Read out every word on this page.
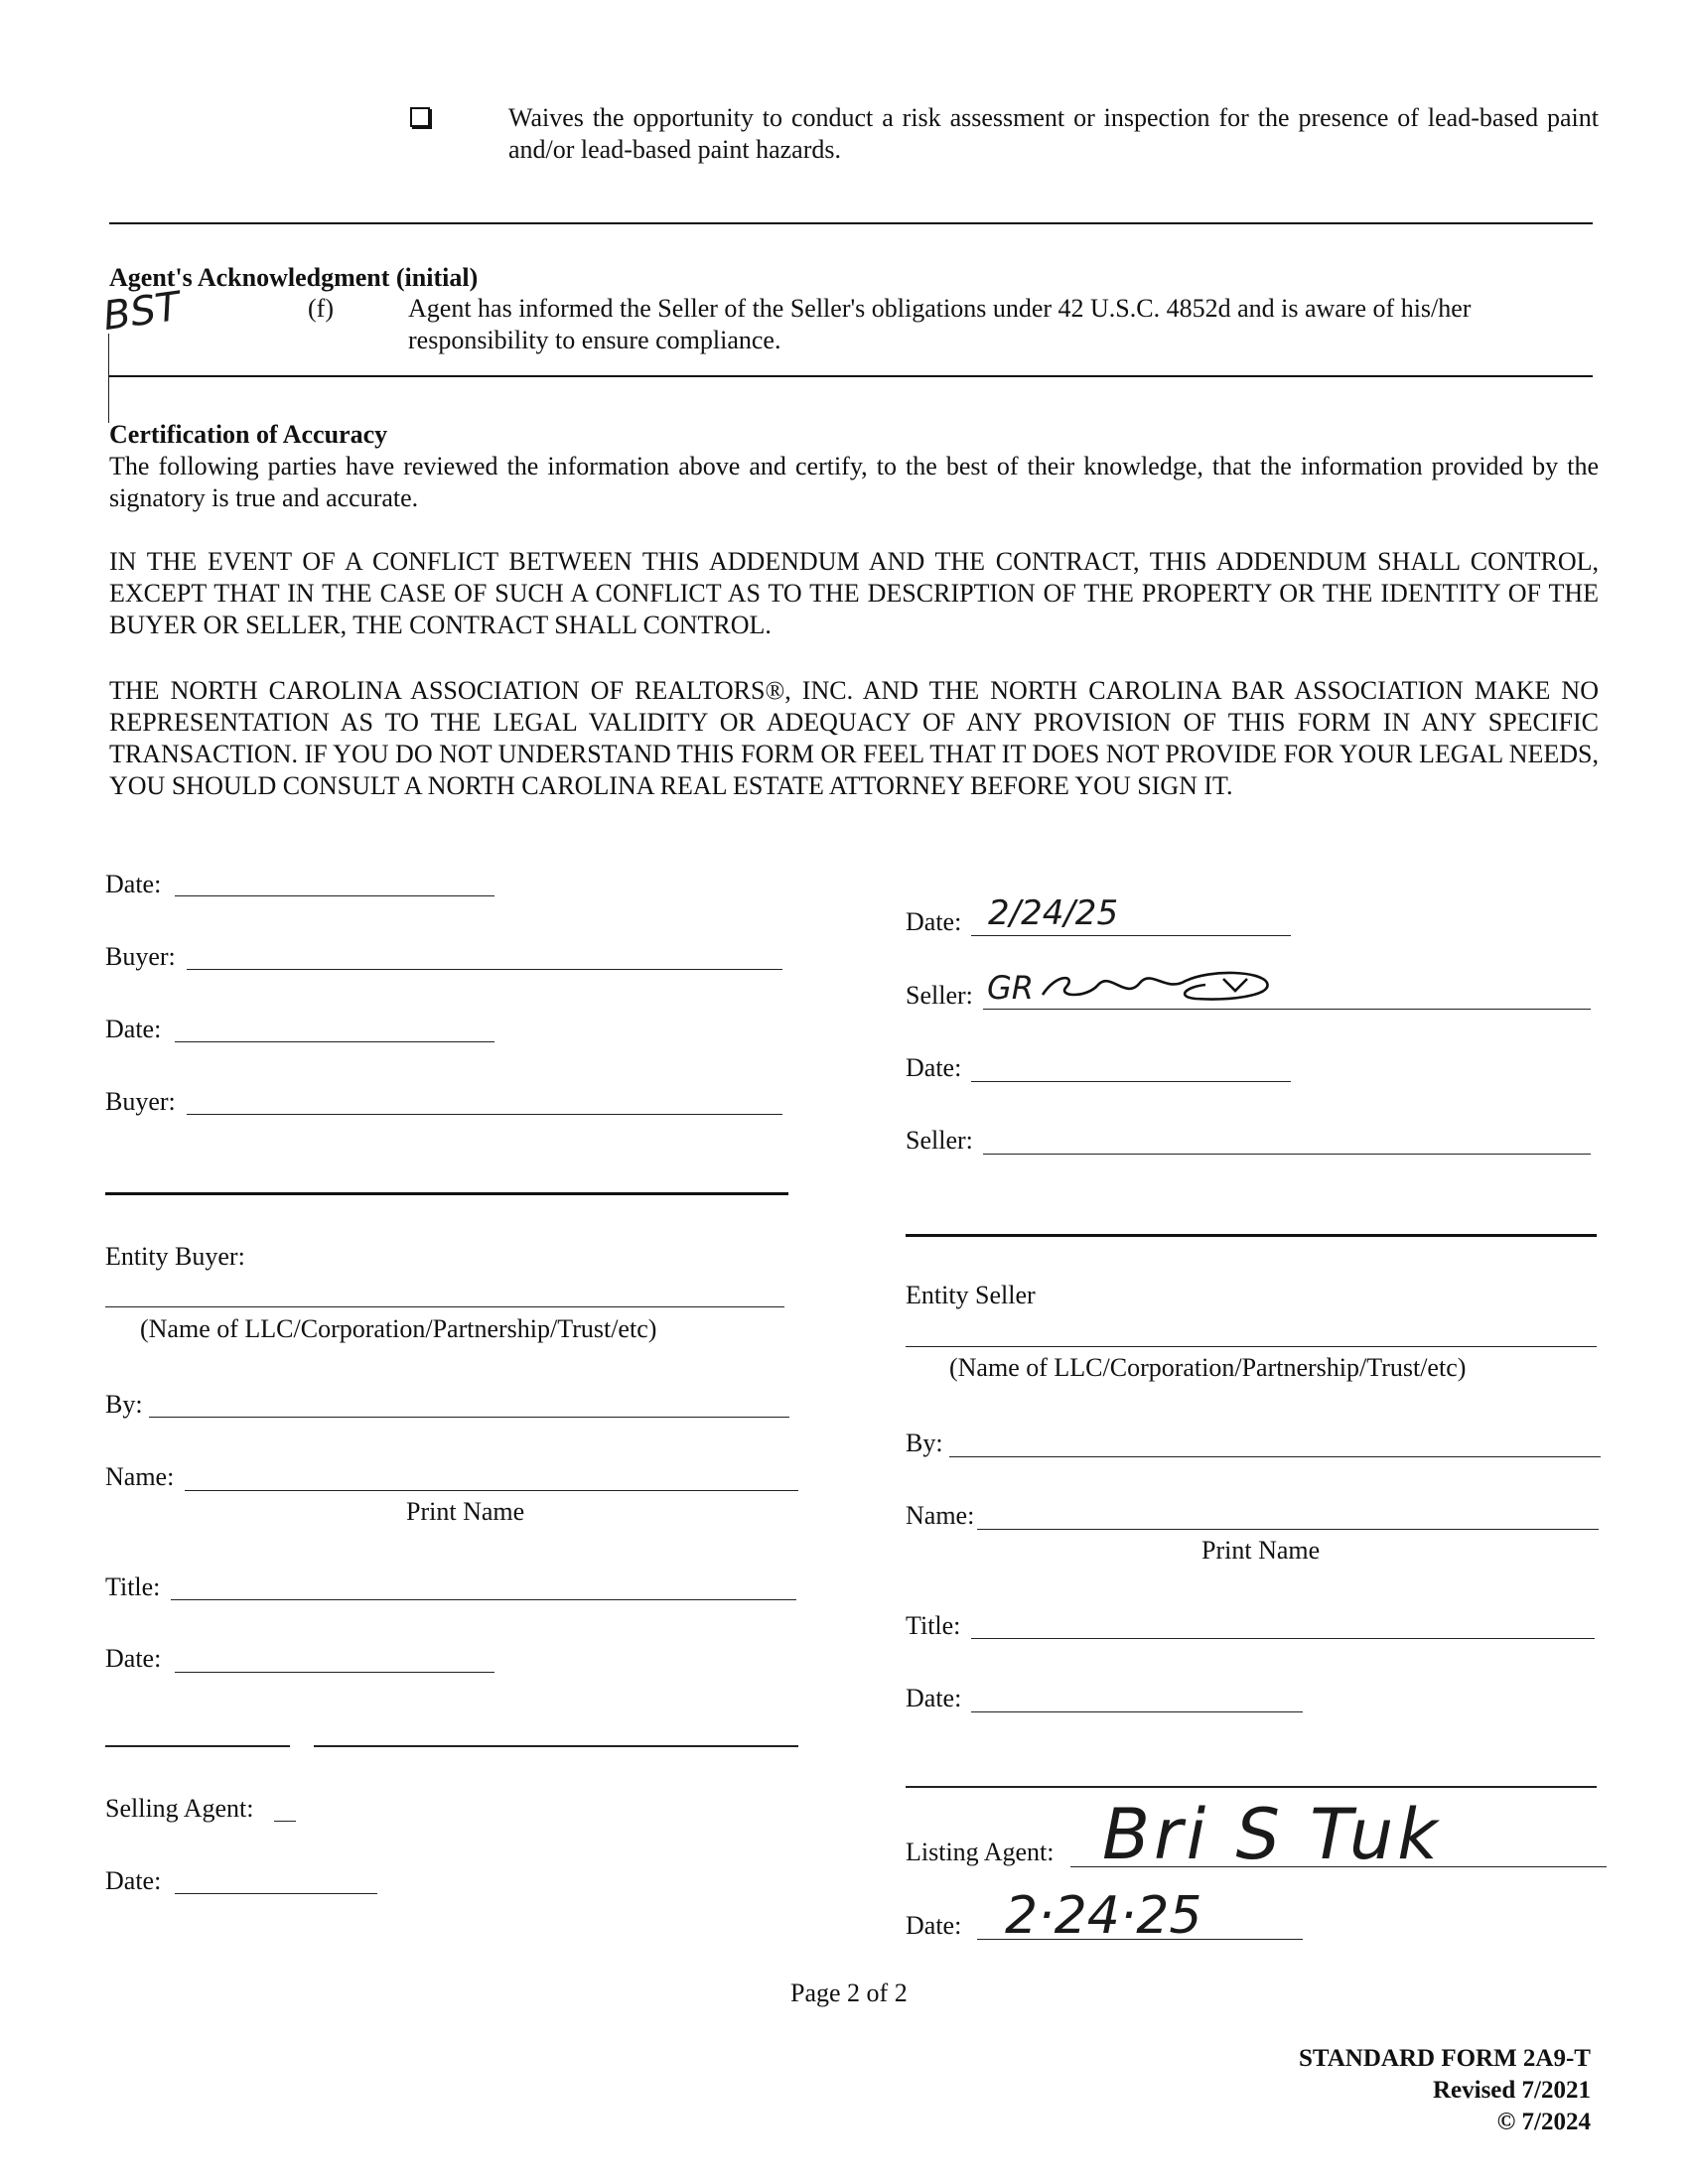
Waives the opportunity to conduct a risk assessment or inspection for the presence of lead-based paint and/or lead-based paint hazards.
Agent's Acknowledgment (initial)
BST	(f)	Agent has informed the Seller of the Seller's obligations under 42 U.S.C. 4852d and is aware of his/her responsibility to ensure compliance.
Certification of Accuracy
The following parties have reviewed the information above and certify, to the best of their knowledge, that the information provided by the signatory is true and accurate.
IN THE EVENT OF A CONFLICT BETWEEN THIS ADDENDUM AND THE CONTRACT, THIS ADDENDUM SHALL CONTROL, EXCEPT THAT IN THE CASE OF SUCH A CONFLICT AS TO THE DESCRIPTION OF THE PROPERTY OR THE IDENTITY OF THE BUYER OR SELLER, THE CONTRACT SHALL CONTROL.
THE NORTH CAROLINA ASSOCIATION OF REALTORS®, INC. AND THE NORTH CAROLINA BAR ASSOCIATION MAKE NO REPRESENTATION AS TO THE LEGAL VALIDITY OR ADEQUACY OF ANY PROVISION OF THIS FORM IN ANY SPECIFIC TRANSACTION. IF YOU DO NOT UNDERSTAND THIS FORM OR FEEL THAT IT DOES NOT PROVIDE FOR YOUR LEGAL NEEDS, YOU SHOULD CONSULT A NORTH CAROLINA REAL ESTATE ATTORNEY BEFORE YOU SIGN IT.
Date:
Buyer:
Date:
Buyer:
Entity Buyer:
(Name of LLC/Corporation/Partnership/Trust/etc)
By:
Name:
Print Name
Title:
Date:
Selling Agent:
Date:
Date: 2/24/25
Seller: GR
Date:
Seller:
Entity Seller
(Name of LLC/Corporation/Partnership/Trust/etc)
By:
Name:
Print Name
Title:
Date:
Listing Agent: Bri S Tuk
Date: 2·24·25
Page 2 of 2
STANDARD FORM 2A9-T
Revised 7/2021
© 7/2024
